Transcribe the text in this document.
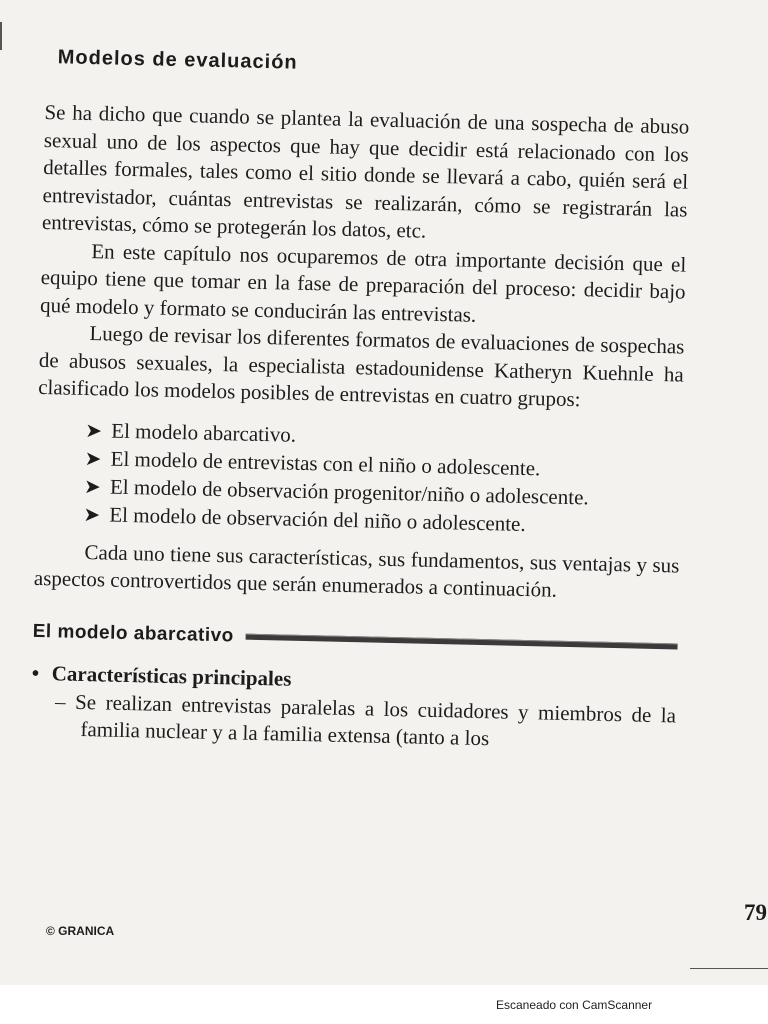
Modelos de evaluación

Se ha dicho que cuando se plantea la evaluación de una sospecha de abuso sexual uno de los aspectos que hay que decidir está relacionado con los detalles formales, tales como el sitio donde se llevará a cabo, quién será el entrevistador, cuántas entrevistas se realizarán, cómo se registrarán las entrevistas, cómo se protegerán los datos, etc.

En este capítulo nos ocuparemos de otra importante decisión que el equipo tiene que tomar en la fase de preparación del proceso: decidir bajo qué modelo y formato se conducirán las entrevistas.

Luego de revisar los diferentes formatos de evaluaciones de sospechas de abusos sexuales, la especialista estadounidense Katheryn Kuehnle ha clasificado los modelos posibles de entrevistas en cuatro grupos:

➤ El modelo abarcativo.
➤ El modelo de entrevistas con el niño o adolescente.
➤ El modelo de observación progenitor/niño o adolescente.
➤ El modelo de observación del niño o adolescente.

Cada uno tiene sus características, sus fundamentos, sus ventajas y sus aspectos controvertidos que serán enumerados a continuación.

El modelo abarcativo

• Características principales

– Se realizan entrevistas paralelas a los cuidadores y miembros de la familia nuclear y a la familia extensa (tanto a los

© GRANICA
79
Escaneado con CamScanner
